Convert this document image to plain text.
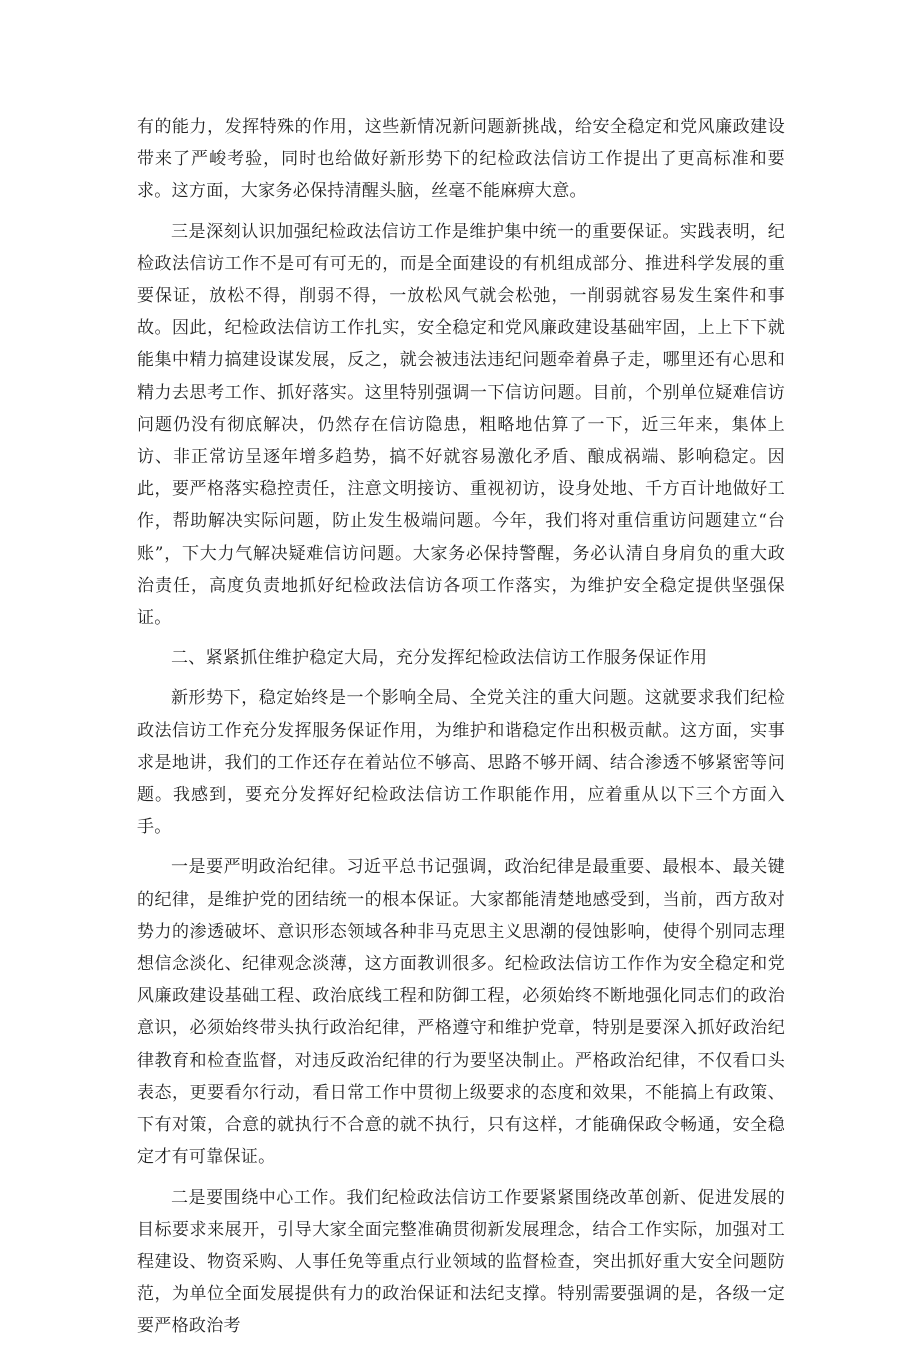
有的能力，发挥特殊的作用，这些新情况新问题新挑战，给安全稳定和党风廉政建设带来了严峻考验，同时也给做好新形势下的纪检政法信访工作提出了更高标准和要求。这方面，大家务必保持清醒头脑，丝毫不能麻痹大意。

三是深刻认识加强纪检政法信访工作是维护集中统一的重要保证。实践表明，纪检政法信访工作不是可有可无的，而是全面建设的有机组成部分、推进科学发展的重要保证，放松不得，削弱不得，一放松风气就会松弛，一削弱就容易发生案件和事故。因此，纪检政法信访工作扎实，安全稳定和党风廉政建设基础牢固，上上下下就能集中精力搞建设谋发展，反之，就会被违法违纪问题牵着鼻子走，哪里还有心思和精力去思考工作、抓好落实。这里特别强调一下信访问题。目前，个别单位疑难信访问题仍没有彻底解决，仍然存在信访隐患，粗略地估算了一下，近三年来，集体上访、非正常访呈逐年增多趋势，搞不好就容易激化矛盾、酿成祸端、影响稳定。因此，要严格落实稳控责任，注意文明接访、重视初访，设身处地、千方百计地做好工作，帮助解决实际问题，防止发生极端问题。今年，我们将对重信重访问题建立“台账”，下大力气解决疑难信访问题。大家务必保持警醒，务必认清自身肩负的重大政治责任，高度负责地抓好纪检政法信访各项工作落实，为维护安全稳定提供坚强保证。

二、紧紧抓住维护稳定大局，充分发挥纪检政法信访工作服务保证作用

新形势下，稳定始终是一个影响全局、全党关注的重大问题。这就要求我们纪检政法信访工作充分发挥服务保证作用，为维护和谐稳定作出积极贡献。这方面，实事求是地讲，我们的工作还存在着站位不够高、思路不够开阔、结合渗透不够紧密等问题。我感到，要充分发挥好纪检政法信访工作职能作用，应着重从以下三个方面入手。

一是要严明政治纪律。习近平总书记强调，政治纪律是最重要、最根本、最关键的纪律，是维护党的团结统一的根本保证。大家都能清楚地感受到，当前，西方敌对势力的渗透破坏、意识形态领域各种非马克思主义思潮的侵蚀影响，使得个别同志理想信念淡化、纪律观念淡薄，这方面教训很多。纪检政法信访工作作为安全稳定和党风廉政建设基础工程、政治底线工程和防御工程，必须始终不断地强化同志们的政治意识，必须始终带头执行政治纪律，严格遵守和维护党章，特别是要深入抓好政治纪律教育和检查监督，对违反政治纪律的行为要坚决制止。严格政治纪律，不仅看口头表态，更要看尔行动，看日常工作中贯彻上级要求的态度和效果，不能搞上有政策、下有对策，合意的就执行不合意的就不执行，只有这样，才能确保政令畅通，安全稳定才有可靠保证。

二是要围绕中心工作。我们纪检政法信访工作要紧紧围绕改革创新、促进发展的目标要求来展开，引导大家全面完整准确贯彻新发展理念，结合工作实际，加强对工程建设、物资采购、人事任免等重点行业领域的监督检查，突出抓好重大安全问题防范，为单位全面发展提供有力的政治保证和法纪支撑。特别需要强调的是，各级一定要严格政治考
